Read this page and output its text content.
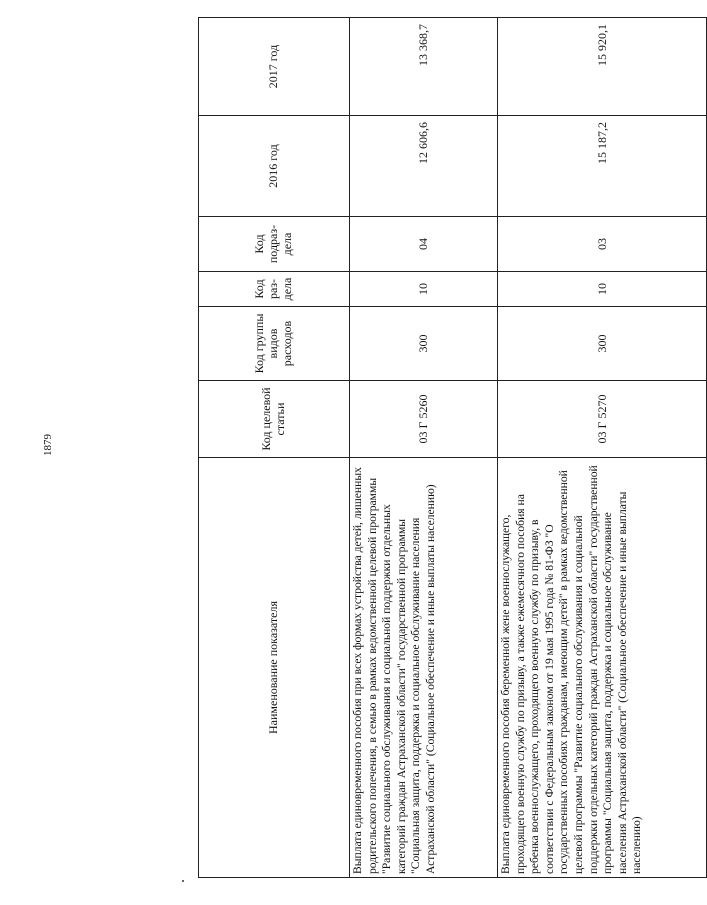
1879
Наименование показателя	Код целевой статьи	Код группы видов расходов	Код раз-дела	Код подраз-дела	2016 год	2017 год
Выплата единовременного пособия при всех формах устройства детей, лишенных родительского попечения, в семью в рамках ведомственной целевой программы "Развитие социального обслуживания и социальной поддержки отдельных категорий граждан Астраханской области" государственной программы "Социальная защита, поддержка и социальное обслуживание населения Астраханской области" (Социальное обеспечение и иные выплаты населению)	03 Г 5260	300	10	04	12 606,6	13 368,7
Выплата единовременного пособия беременной жене военнослужащего, проходящего военную службу по призыву, а также ежемесячного пособия на ребенка военнослужащего, проходящего военную службу по призыву, в соответствии с Федеральным законом от 19 мая 1995 года № 81-ФЗ "О государственных пособиях гражданам, имеющим детей" в рамках ведомственной целевой программы "Развитие социального обслуживания и социальной поддержки отдельных категорий граждан Астраханской области" государственной программы "Социальная защита, поддержка и социальное обслуживание населения Астраханской области" (Социальное обеспечение и иные выплаты населению)	03 Г 5270	300	10	03	15 187,2	15 920,1
